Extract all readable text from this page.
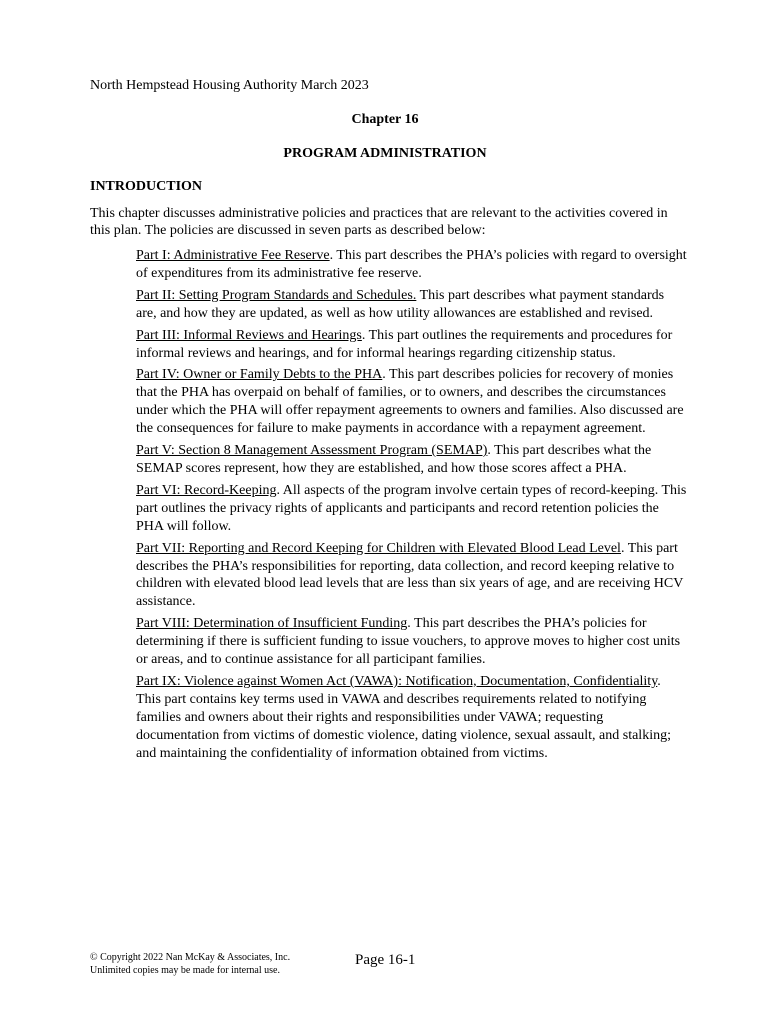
North Hempstead Housing Authority March 2023
Chapter 16
PROGRAM ADMINISTRATION
INTRODUCTION
This chapter discusses administrative policies and practices that are relevant to the activities covered in this plan. The policies are discussed in seven parts as described below:

Part I: Administrative Fee Reserve. This part describes the PHA’s policies with regard to oversight of expenditures from its administrative fee reserve.

Part II: Setting Program Standards and Schedules. This part describes what payment standards are, and how they are updated, as well as how utility allowances are established and revised.

Part III: Informal Reviews and Hearings. This part outlines the requirements and procedures for informal reviews and hearings, and for informal hearings regarding citizenship status.

Part IV: Owner or Family Debts to the PHA. This part describes policies for recovery of monies that the PHA has overpaid on behalf of families, or to owners, and describes the circumstances under which the PHA will offer repayment agreements to owners and families. Also discussed are the consequences for failure to make payments in accordance with a repayment agreement.

Part V: Section 8 Management Assessment Program (SEMAP). This part describes what the SEMAP scores represent, how they are established, and how those scores affect a PHA.

Part VI: Record-Keeping. All aspects of the program involve certain types of record-keeping. This part outlines the privacy rights of applicants and participants and record retention policies the PHA will follow.

Part VII: Reporting and Record Keeping for Children with Elevated Blood Lead Level. This part describes the PHA’s responsibilities for reporting, data collection, and record keeping relative to children with elevated blood lead levels that are less than six years of age, and are receiving HCV assistance.

Part VIII: Determination of Insufficient Funding. This part describes the PHA’s policies for determining if there is sufficient funding to issue vouchers, to approve moves to higher cost units or areas, and to continue assistance for all participant families.

Part IX: Violence against Women Act (VAWA): Notification, Documentation, Confidentiality. This part contains key terms used in VAWA and describes requirements related to notifying families and owners about their rights and responsibilities under VAWA; requesting documentation from victims of domestic violence, dating violence, sexual assault, and stalking; and maintaining the confidentiality of information obtained from victims.

© Copyright 2022 Nan McKay & Associates, Inc.
Unlimited copies may be made for internal use.
Page 16-1
